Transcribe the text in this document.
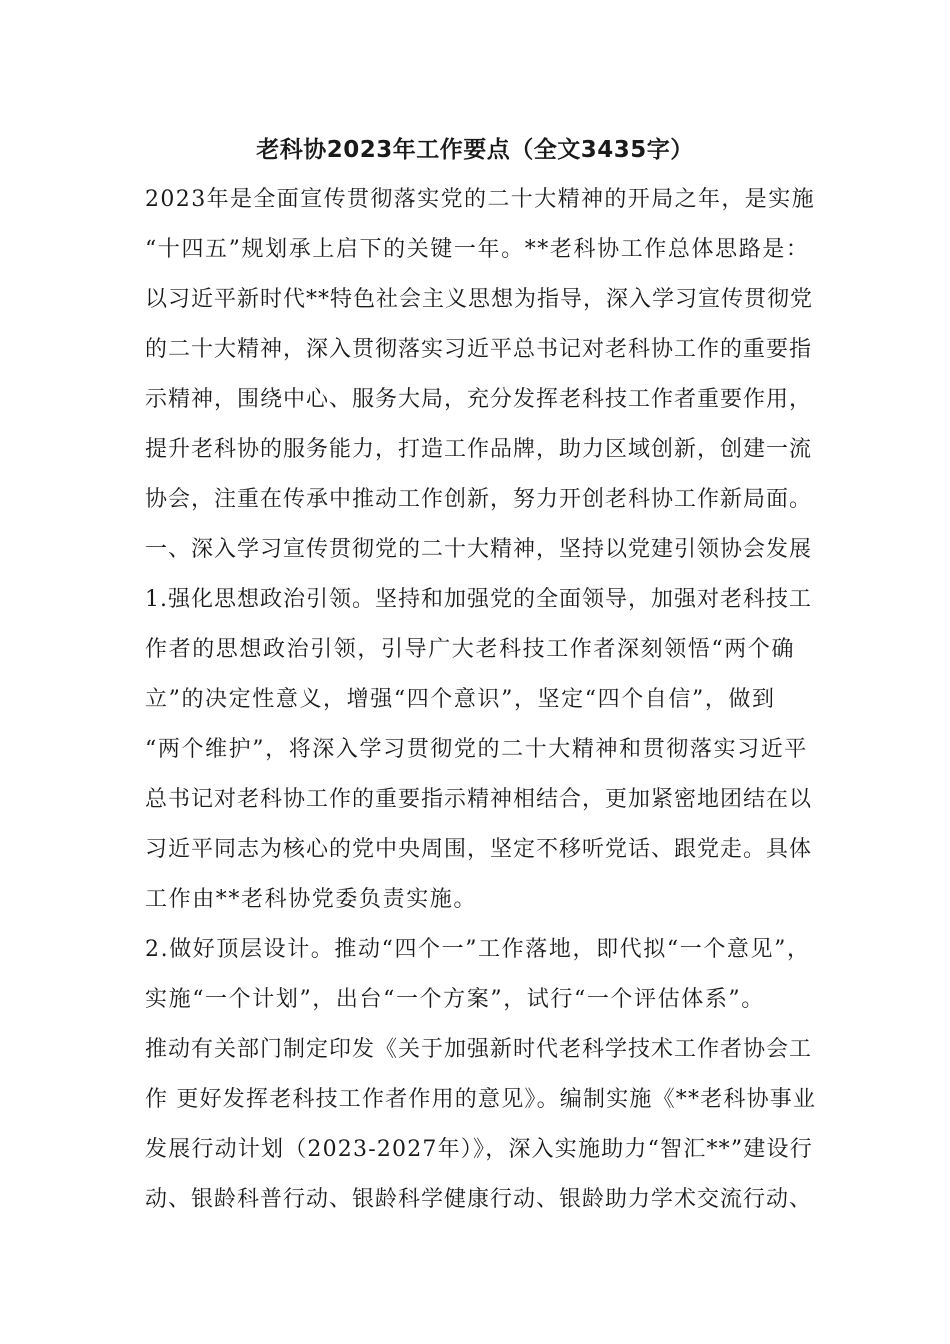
老科协2023年工作要点（全文3435字）
2023年是全面宣传贯彻落实党的二十大精神的开局之年，是实施
“十四五”规划承上启下的关键一年。**老科协工作总体思路是：
以习近平新时代**特色社会主义思想为指导，深入学习宣传贯彻党
的二十大精神，深入贯彻落实习近平总书记对老科协工作的重要指
示精神，围绕中心、服务大局，充分发挥老科技工作者重要作用，
提升老科协的服务能力，打造工作品牌，助力区域创新，创建一流
协会，注重在传承中推动工作创新，努力开创老科协工作新局面。
一、深入学习宣传贯彻党的二十大精神，坚持以党建引领协会发展
1.强化思想政治引领。坚持和加强党的全面领导，加强对老科技工
作者的思想政治引领，引导广大老科技工作者深刻领悟“两个确
立”的决定性意义，增强“四个意识”，坚定“四个自信”，做到
“两个维护”，将深入学习贯彻党的二十大精神和贯彻落实习近平
总书记对老科协工作的重要指示精神相结合，更加紧密地团结在以
习近平同志为核心的党中央周围，坚定不移听党话、跟党走。具体
工作由**老科协党委负责实施。
2.做好顶层设计。推动“四个一”工作落地，即代拟“一个意见”，
实施“一个计划”，出台“一个方案”，试行“一个评估体系”。
推动有关部门制定印发《关于加强新时代老科学技术工作者协会工
作 更好发挥老科技工作者作用的意见》。编制实施《**老科协事业
发展行动计划（2023-2027年）》，深入实施助力“智汇**”建设行
动、银龄科普行动、银龄科学健康行动、银龄助力学术交流行动、
